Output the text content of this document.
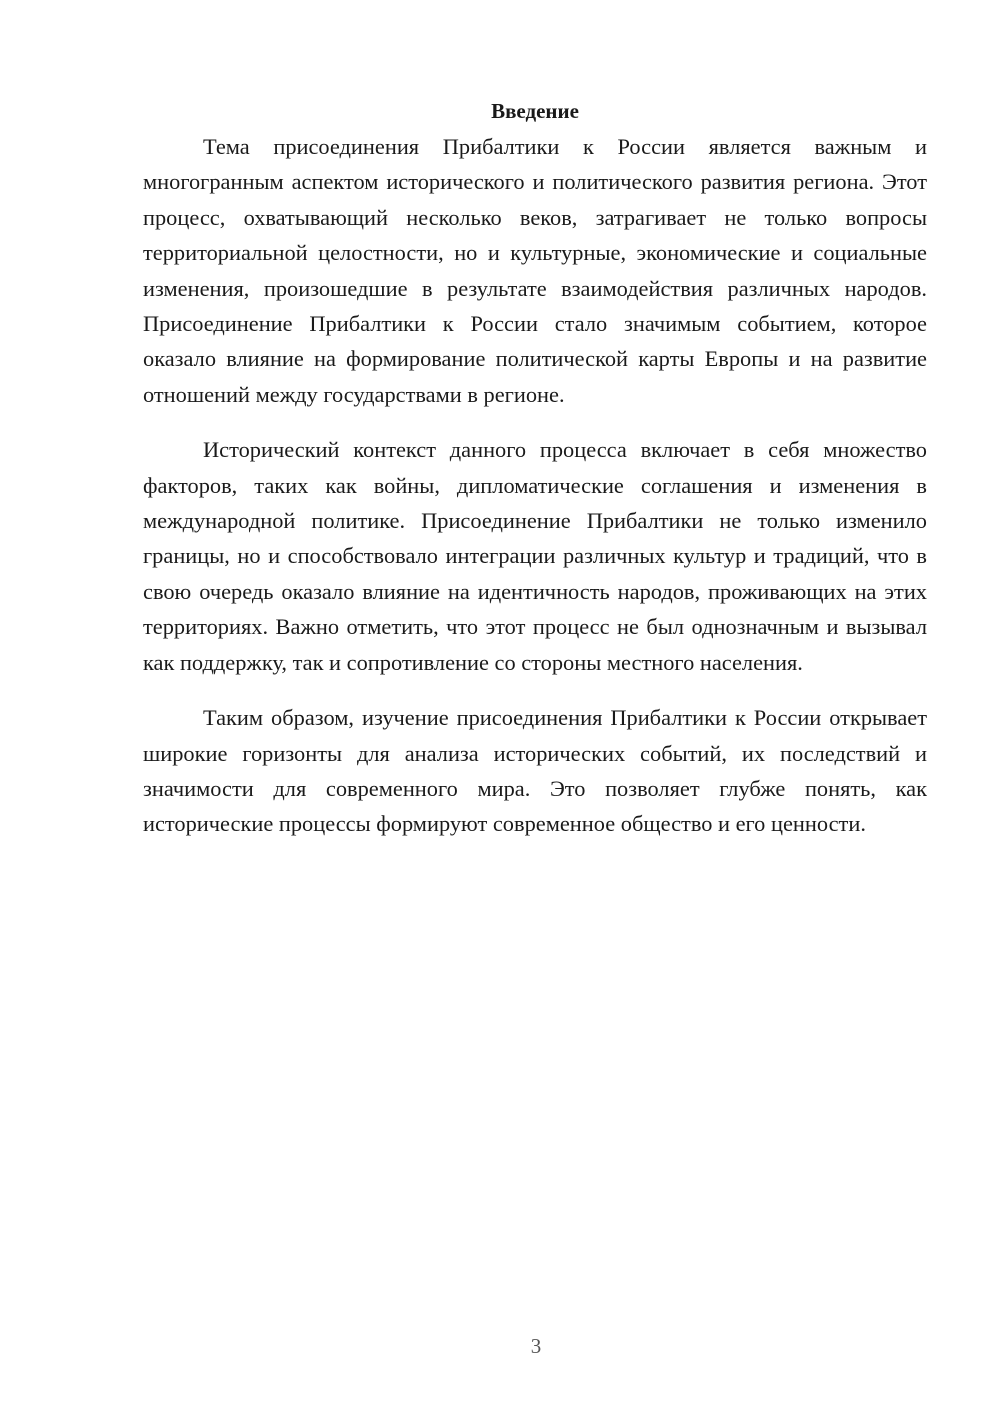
Введение

Тема присоединения Прибалтики к России является важным и многогранным аспектом исторического и политического развития региона. Этот процесс, охватывающий несколько веков, затрагивает не только вопросы территориальной целостности, но и культурные, экономические и социальные изменения, произошедшие в результате взаимодействия различных народов. Присоединение Прибалтики к России стало значимым событием, которое оказало влияние на формирование политической карты Европы и на развитие отношений между государствами в регионе.

Исторический контекст данного процесса включает в себя множество факторов, таких как войны, дипломатические соглашения и изменения в международной политике. Присоединение Прибалтики не только изменило границы, но и способствовало интеграции различных культур и традиций, что в свою очередь оказало влияние на идентичность народов, проживающих на этих территориях. Важно отметить, что этот процесс не был однозначным и вызывал как поддержку, так и сопротивление со стороны местного населения.

Таким образом, изучение присоединения Прибалтики к России открывает широкие горизонты для анализа исторических событий, их последствий и значимости для современного мира. Это позволяет глубже понять, как исторические процессы формируют современное общество и его ценности.

3
